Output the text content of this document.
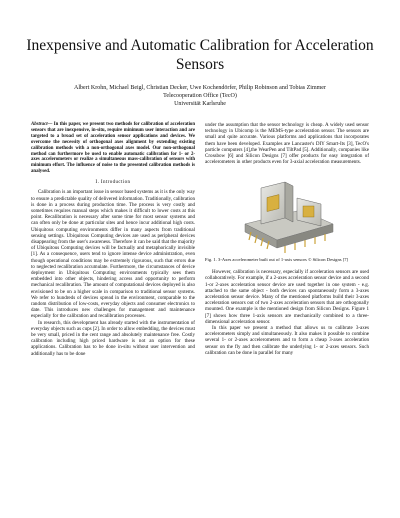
Inexpensive and Automatic Calibration for Acceleration Sensors
Albert Krohn, Michael Beigl, Christian Decker, Uwe Kochendörfer, Philip Robinson and Tobias Zimmer
Telecooperation Office (TecO)
Universität Karlsruhe
Abstract— In this paper, we present two methods for calibration of acceleration sensors that are inexpensive, in-situ, require minimum user interaction and are targeted to a broad set of acceleration sensor applications and devices. We overcome the necessity of orthogonal axes alignment by extending existing calibration methods with a non-orthogonal axes model. Our non-orthogonal method can furthermore be used to enable automatic calibration for 1- or 2-axes accelerometers or realize a simultaneous mass-calibration of sensors with minimum effort. The influence of noise to the presented calibration methods is analysed.
I. Introduction

Calibration is an important issue in sensor based systems as it is the only way to ensure a predictable quality of delivered information. Traditionally, calibration is done in a process during production time. The process is very costly and sometimes requires manual steps which makes it difficult to lower costs at this point. Recalibration is necessary after some time for most sensor systems and can often only be done at particular sites and hence incur additional high costs. Ubiquitous computing environments differ in many aspects from traditional sensing settings. Ubiquitous Computing devices are used as peripheral devices disappearing from the user's awareness. Therefore it can be said that the majority of Ubiquitous Computing devices will be factually and metaphorically invisible [1]. As a consequence, users tend to ignore intense device administration, even though operational conditions may be extremely rigourous, such that errors due to neglected recalibration accumulate. Furthermore, the circumstances of device deployment in Ubiquitous Computing environments typically sees them embedded into other objects, hindering access and opportunity to perform mechanical recalibration. The amount of computational devices deployed is also envisioned to be on a higher scale in comparison to traditional sensor systems. We refer to hundreds of devices spread in the environment, comparable to the random distribution of low-costs, everyday objects and consumer electronics to date. This introduces new challenges for management and maintenance especially for the calibration and recalibration processes.

In research, this development has already started with the instrumentation of everyday objects such as cups [2]. In order to allow embedding, the devices must be very small, priced in the cent range and absolutely maintenance free. Costly calibration including high priced hardware is not an option for these applications. Calibration has to be done in-situ without user intervention and additionally has to be done

under the assumption that the sensor technology is cheap. A widely used sensor technology in Ubicomp is the MEMS-type acceleration sensor. The sensors are small and quite accurate. Various platforms and applications that incorporates them have been developed. Examples are Lancaster's DIY Smart-Its [3], TecO's particle computers [4],the WearPen and TiltPad [5]. Additionally, companies like Crossbow [6] and Silicon Designs [7] offer products for easy integration of accelerometers in other products even for 3-axial acceleration measurements.

Fig. 1. 3-Axes accelerometer built out of 1-axis sensors © Silicon Designs [7]

However, calibration is necessary, especially if acceleration sensors are used collaboratively. For example, if a 2-axes acceleration sensor device and a second 1-or 2-axes acceleration sensor device are used together in one system - e.g. attached to the same object - both devices can spontaneously form a 3-axes acceleration sensor device. Many of the mentioned platforms build their 3-axes acceleration sensors out of two 2-axes acceleration sensors that are orthogonally mounted. One example is the mentioned design from Silicon Designs. Figure 1 [7] shows how three 1-axis sensors are mechanically combined to a three-dimensional acceleration sensor.

In this paper we present a method that allows us to calibrate 3-axes accelerometers simply and simultaneously. It also makes it possible to combine several 1- or 2-axes accelerometers and to form a cheap 3-axes acceleration sensor on the fly and then calibrate the underlying 1- or 2-axes sensors. Such calibration can be done in parallel for many
